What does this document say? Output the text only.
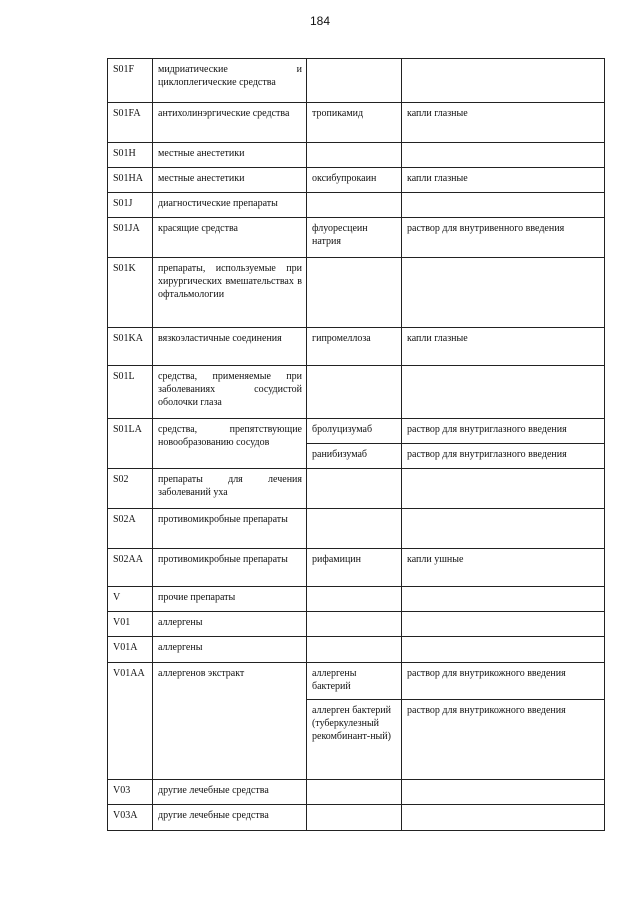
184
S01F	мидриатические и циклоплегические средства		
S01FA	антихолинэргические средства	тропикамид	капли глазные
S01H	местные анестетики		
S01HA	местные анестетики	оксибупрокаин	капли глазные
S01J	диагностические препараты		
S01JA	красящие средства	флуоресцеин натрия	раствор для внутривенного введения
S01K	препараты, используемые при хирургических вмешательствах в офтальмологии		
S01KA	вязкоэластичные соединения	гипромеллоза	капли глазные
S01L	средства, применяемые при заболеваниях сосудистой оболочки глаза		
S01LA	средства, препятствующие новообразованию сосудов	бролуцизумаб	раствор для внутриглазного введения
		ранибизумаб	раствор для внутриглазного введения
S02	препараты для лечения заболеваний уха		
S02A	противомикробные препараты		
S02AA	противомикробные препараты	рифамицин	капли ушные
V	прочие препараты		
V01	аллергены		
V01A	аллергены		
V01AA	аллергенов экстракт	аллергены бактерий	раствор для внутрикожного введения
		аллерген бактерий (туберкулезный рекомбинант-ный)	раствор для внутрикожного введения
V03	другие лечебные средства		
V03A	другие лечебные средства		
